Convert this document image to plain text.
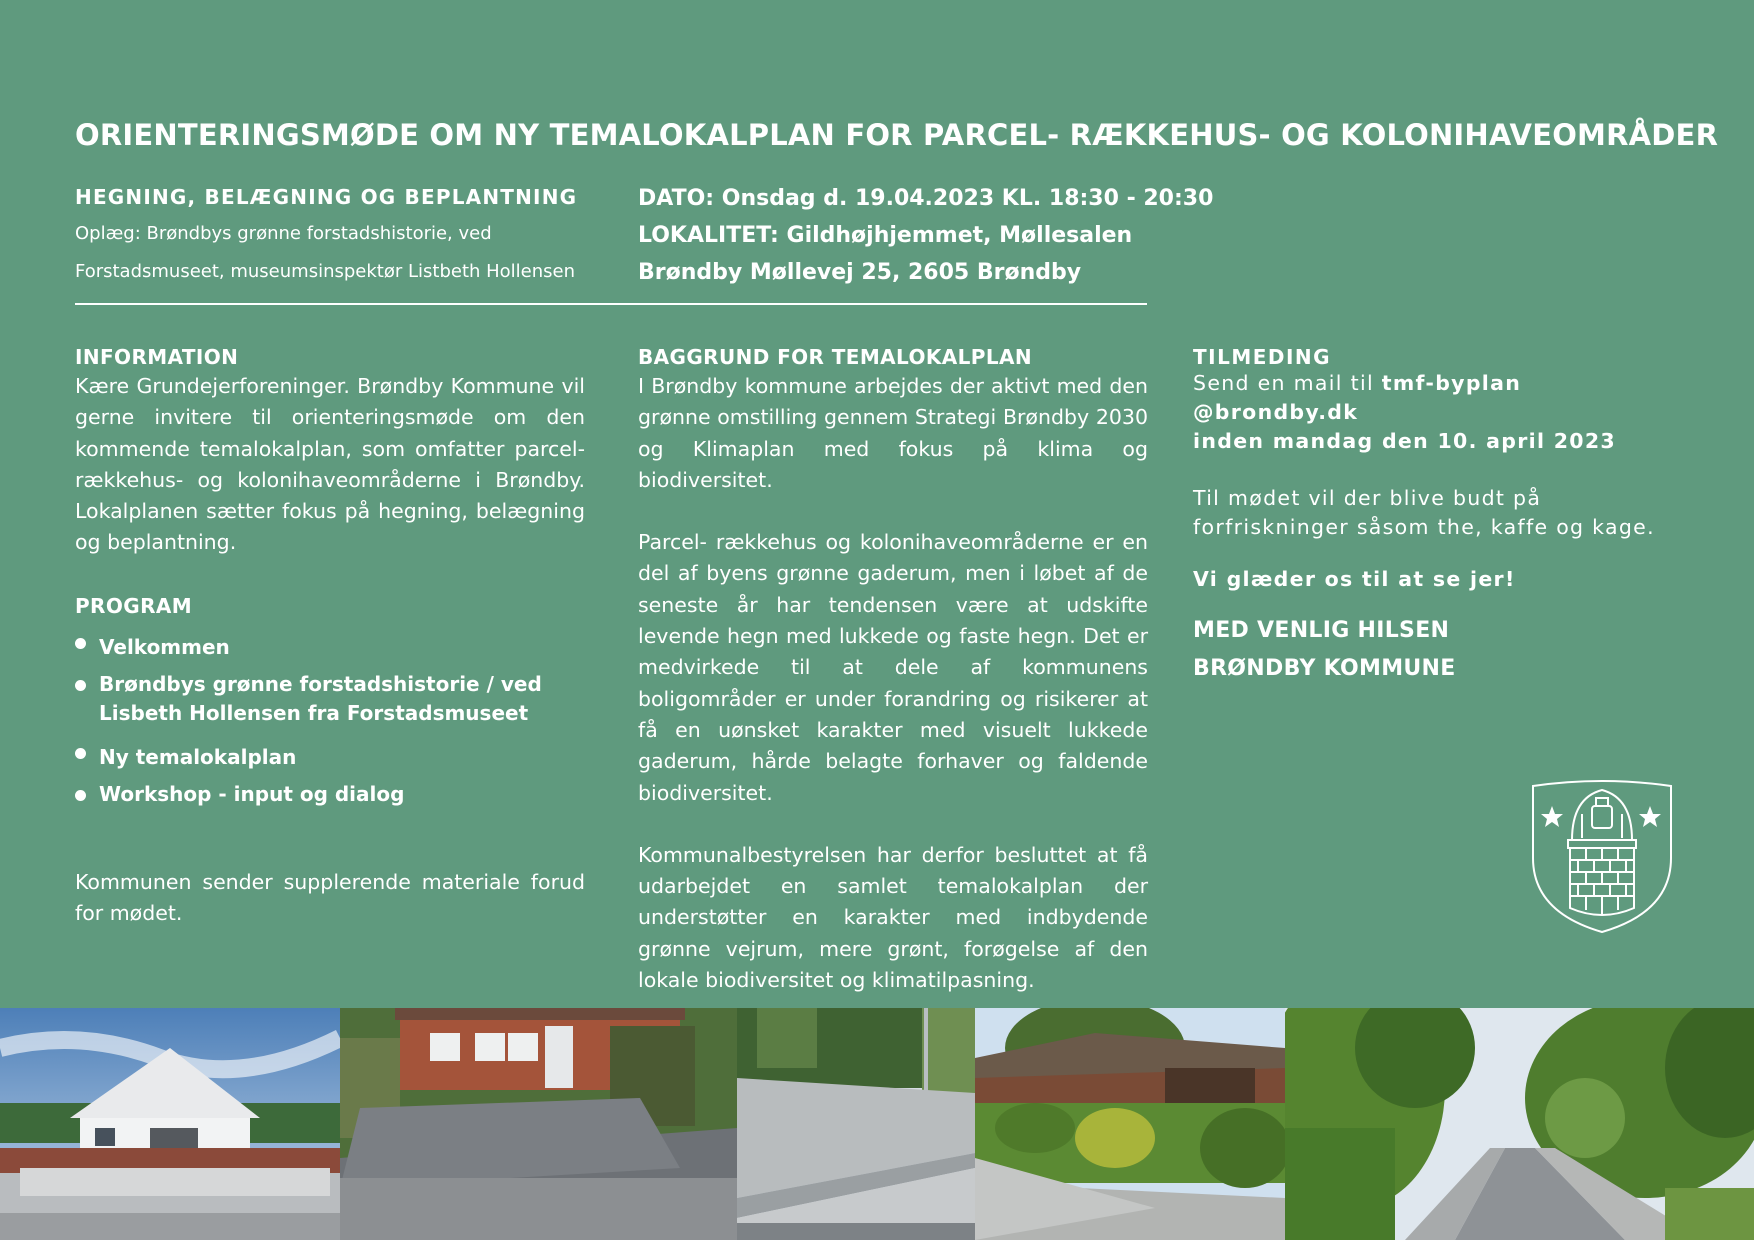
ORIENTERINGSMØDE OM NY TEMALOKALPLAN FOR PARCEL- RÆKKEHUS- OG KOLONIHAVEOMRÅDER
HEGNING, BELÆGNING OG BEPLANTNING
Oplæg: Brøndbys grønne forstadshistorie, ved
Forstadsmuseet, museumsinspektør Listbeth Hollensen
DATO: Onsdag d. 19.04.2023 KL. 18:30 - 20:30
LOKALITET: Gildhøjhjemmet, Møllesalen
Brøndby Møllevej 25, 2605 Brøndby
INFORMATION
Kære Grundejerforeninger. Brøndby Kommune vil gerne invitere til orienteringsmøde om den kommende temalokalplan, som omfatter parcel- rækkehus- og kolonihaveområderne i Brøndby. Lokalplanen sætter fokus på hegning, belægning og beplantning.
PROGRAM
Velkommen
Brøndbys grønne forstadshistorie / ved Lisbeth Hollensen fra Forstadsmuseet
Ny temalokalplan
Workshop - input og dialog
Kommunen sender supplerende materiale forud for mødet.
BAGGRUND FOR TEMALOKALPLAN

I Brøndby kommune arbejdes der aktivt med den grønne omstilling gennem Strategi Brøndby 2030 og Klimaplan med fokus på klima og biodiversitet.

Parcel- rækkehus og kolonihaveområderne er en del af byens grønne gaderum, men i løbet af de seneste år har tendensen være at udskifte levende hegn med lukkede og faste hegn. Det er medvirkede til at dele af kommunens boligområder er under forandring og risikerer at få en uønsket karakter med visuelt lukkede gaderum, hårde belagte forhaver og faldende biodiversitet.

Kommunalbestyrelsen har derfor besluttet at få udarbejdet en samlet temalokalplan der understøtter en karakter med indbydende grønne vejrum, mere grønt, forøgelse af den lokale biodiversitet og klimatilpasning.

TILMEDING
Send en mail til tmf-byplan @brondby.dk
inden mandag den 10. april 2023
Til mødet vil der blive budt på
forfriskninger såsom the, kaffe og kage.
Vi glæder os til at se jer!
MED VENLIG HILSEN
BRØNDBY KOMMUNE
